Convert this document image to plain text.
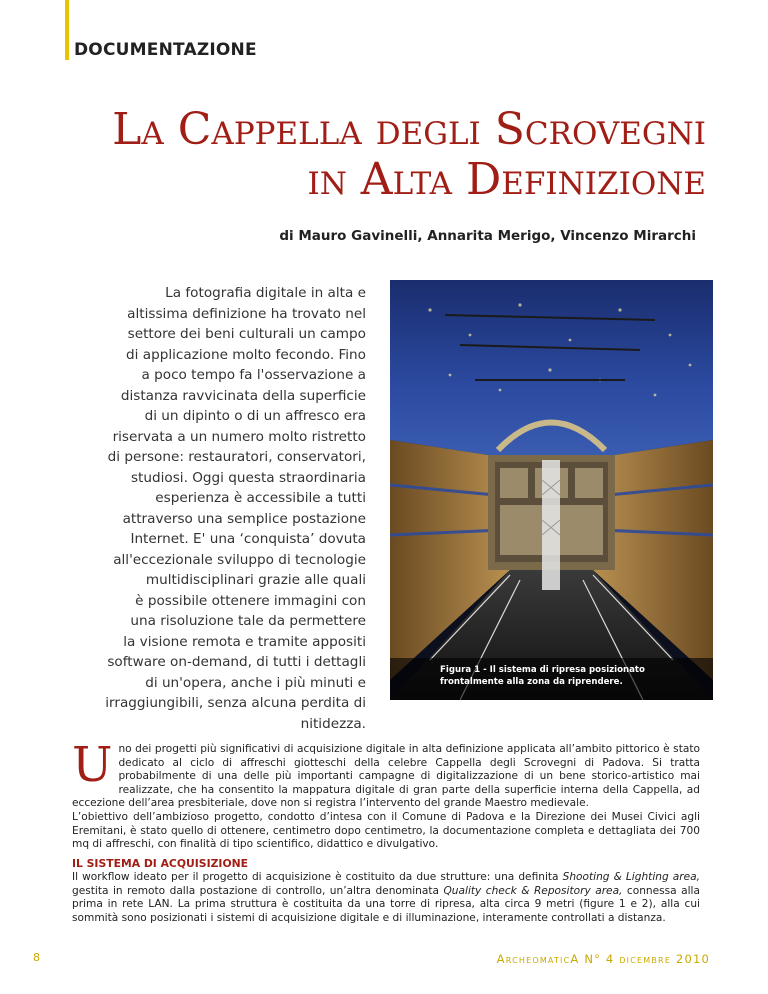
DOCUMENTAZIONE
La Cappella degli Scrovegni
in Alta Definizione
di Mauro Gavinelli, Annarita Merigo, Vincenzo Mirarchi
La fotografia digitale in alta e
altissima definizione ha trovato nel
settore dei beni culturali un campo
di applicazione molto fecondo. Fino
a poco tempo fa l'osservazione a
distanza ravvicinata della superficie
di un dipinto o di un affresco era
riservata a un numero molto ristretto
di persone: restauratori, conservatori,
studiosi. Oggi questa straordinaria
esperienza è accessibile a tutti
attraverso una semplice postazione
Internet. E' una ‘conquista’ dovuta
all'eccezionale sviluppo di tecnologie
multidisciplinari grazie alle quali
è possibile ottenere immagini con
una risoluzione tale da permettere
la visione remota e tramite appositi
software on-demand, di tutti i dettagli
di un'opera, anche i più minuti e
irraggiungibili, senza alcuna perdita di
nitidezza.
Figura 1 - Il sistema di ripresa posizionato
frontalmente alla zona da riprendere.
Uno dei progetti più significativi di acquisizione digitale in alta definizione applicata all’ambito pittorico è stato dedicato al ciclo di affreschi giotteschi della celebre Cappella degli Scrovegni di Padova. Si tratta probabilmente di una delle più importanti campagne di digitalizzazione di un bene storico-artistico mai realizzate, che ha consentito la mappatura digitale di gran parte della superficie interna della Cappella, ad eccezione dell’area presbiteriale, dove non si registra l’intervento del grande Maestro medievale.
L’obiettivo dell’ambizioso progetto, condotto d’intesa con il Comune di Padova e la Direzione dei Musei Civici agli Eremitani, è stato quello di ottenere, centimetro dopo centimetro, la documentazione completa e dettagliata dei 700 mq di affreschi, con finalità di tipo scientifico, didattico e divulgativo.
IL SISTEMA DI ACQUISIZIONE
Il workflow ideato per il progetto di acquisizione è costituito da due strutture: una definita Shooting & Lighting area, gestita in remoto dalla postazione di controllo, un’altra denominata Quality check & Repository area, connessa alla prima in rete LAN. La prima struttura è costituita da una torre di ripresa, alta circa 9 metri (figure 1 e 2), alla cui sommità sono posizionati i sistemi di acquisizione digitale e di illuminazione, interamente controllati a distanza.
8	ArcheomaticA N° 4 dicembre 2010
